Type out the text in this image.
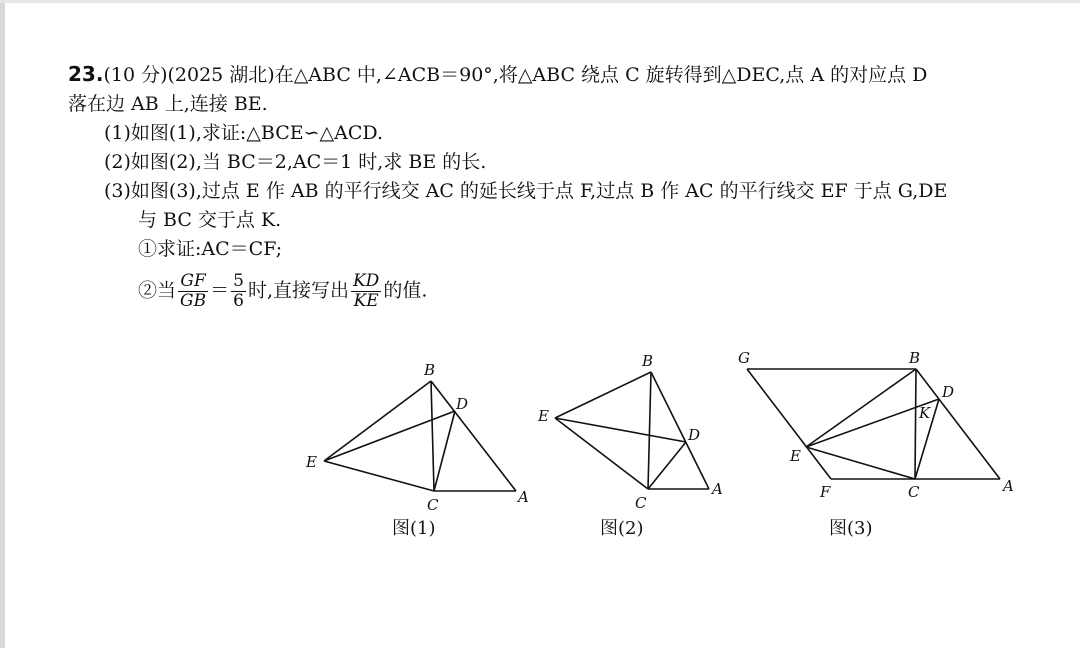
23.(10 分)(2025 湖北)在△ABC 中,∠ACB＝90°,将△ABC 绕点 C 旋转得到△DEC,点 A 的对应点 D
落在边 AB 上,连接 BE.
(1)如图(1),求证:△BCE∽△ACD.
(2)如图(2),当 BC＝2,AC＝1 时,求 BE 的长.
(3)如图(3),过点 E 作 AB 的平行线交 AC 的延长线于点 F,过点 B 作 AC 的平行线交 EF 于点 G,DE
与 BC 交于点 K.
①求证:AC＝CF;
②当 $\frac{GF}{GB} = \frac{5}{6}$ 时,直接写出 $\frac{KD}{KE}$ 的值.
B
D
E
C	A
图(1)
B
E
D
C
A
图(2)
G	B
D
K
E
F	C	A
图(3)
